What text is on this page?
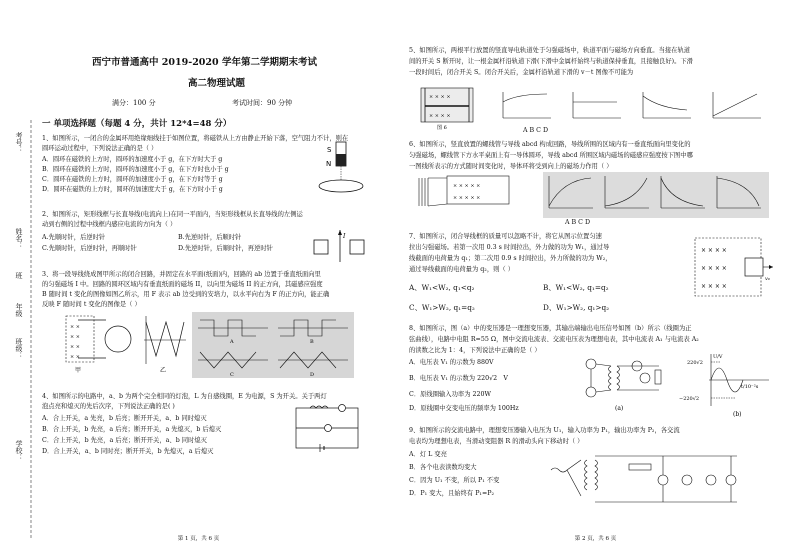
考号：
姓名：
年级
班
班级：
学校：
西宁市普通高中 2019-2020 学年第二学期期末考试
高二物理试题
满分：100 分	考试时间：90 分钟
一 单项选择题（每题 4 分，共计 12*4=48 分）
1、如图所示，一闭合的金属环用绝缘细线挂于如图位置，将磁铁从上方由静止开始下落，空气阻力不计，则在
圆环运动过程中，下列说法正确的是（ ）
A．圆环在磁铁的上方时，圆环的加速度小于 g，在下方时大于 g
B．圆环在磁铁的上方时，圆环的加速度小于 g，在下方时也小于 g
C．圆环在磁铁的上方时，圆环的加速度小于 g，在下方时等于 g
D．圆环在磁铁的上方时，圆环的加速度大于 g，在下方时小于 g
S
N
2、如图所示，矩形线框与长直导线(电流向上)在同一平面内，当矩形线框从长直导线的左侧运
动到右侧的过程中线框内感应电流的方向为（ ）
A.先顺时针，后逆时针	B.先逆时针，后顺时针
C.先顺时针，后逆时针，再顺时针	D.先逆时针，后顺时针，再逆时针
I
3、将一段导线绕成图甲所示的闭合回路，并固定在水平面(纸面)内，回路的 ab 边置于垂直纸面向里
的匀强磁场 I 中。回路的圆环区域内有垂直纸面的磁场 II，以向里为磁场 II 的正方向，其磁感应强度
B 随时间 t 变化的图像如图乙所示，用 F 表示 ab 边受到的安培力，以水平向右为 F 的正方向，能正确
反映 F 随时间 t 变化的图像是（ ）
× ×
× ×
× ×
× ×
甲	乙
A	B
C	D
4、如图所示的电路中，a、b 为两个完全相同的灯泡，L 为自感线圈，E 为电源，S 为开关。关于两灯
泡点亮和熄灭的先后次序，下列说法正确的是( )
A．合上开关，a 先亮，b 后亮；断开开关，a、b 同时熄灭
B．合上开关，b 先亮，a 后亮；断开开关，a 先熄灭，b 后熄灭
C．合上开关，b 先亮，a 后亮；断开开关，a、b 同时熄灭
D．合上开关，a、b 同时亮；断开开关，b 先熄灭，a 后熄灭
第 1 页，共 6 页
5、如图所示，两根平行放置的竖直导电轨道处于匀强磁场中，轨道平面与磁场方向垂直。当接在轨道
间的开关 S 断开时，让一根金属杆沿轨道下滑(下滑中金属杆始终与轨道保持垂直，且接触良好)。下滑
一段时间后，闭合开关 S。闭合开关后，金属杆沿轨道下滑的 v－t 图像不可能为
× × × ×
× × × ×
图 6	A B C D
6、如图所示，竖直放置的螺线管与导线 abcd 构成回路，导线所围的区域内有一垂直纸面向里变化的
匀强磁场，螺线管下方水平桌面上有一导体圆环，导线 abcd 所围区域内磁场的磁感应强度按下图中哪
一图线所表示的方式随时间变化时，导体环将受到向上的磁场力作用（ ）
× × × × ×
× × × × ×
A B C D
7、如图所示，闭合导线框的质量可以忽略不计，将它从图示位置匀速
拉出匀强磁场。若第一次用 0.3 s 时间拉出，外力做的功为 W₁，通过导
线截面的电荷量为 q₁；第二次用 0.9 s 时间拉出，外力所做的功为 W₂，
通过导线截面的电荷量为 q₂，则（ ）
A、W₁<W₂, q₁<q₂	B、W₁<W₂, q₁=q₂
C、W₁>W₂, q₁=q₂	D、W₁>W₂, q₁>q₂
× × × ×
× × × ×
× × × ×
v₀
8、如图所示，图（a）中的变压器是一理想变压器，其输出端输出电压信号如图（b）所示（线圈为正
弦曲线），电路中电阻 R=55 Ω，图中交流电流表、交流电压表为理想电表，其中电流表 A₁ 与电流表 A₂
的读数之比为 1：4，下列说法中正确的是（ ）
A．电压表 V₁ 的示数为 880V
B．电压表 V₁ 的示数为 220√2　V
C．原线圈输入功率为 220W
D．原线圈中交变电压的频率为 100Hz	(a)
U/V
220√2
−220√2
t/10⁻²s
(b)
9、如图所示的交流电路中，理想变压器输入电压为 U₁，输入功率为 P₁，输出功率为 P₂，各交流
电表均为理想电表，当滑动变阻器 R 的滑动头向下移动时（ ）
A．灯 L 变亮
B．各个电表读数均变大
C．因为 U₁ 不变，所以 P₁ 不变
D．P₁ 变大，且始终有 P₁=P₂
第 2 页，共 6 页
